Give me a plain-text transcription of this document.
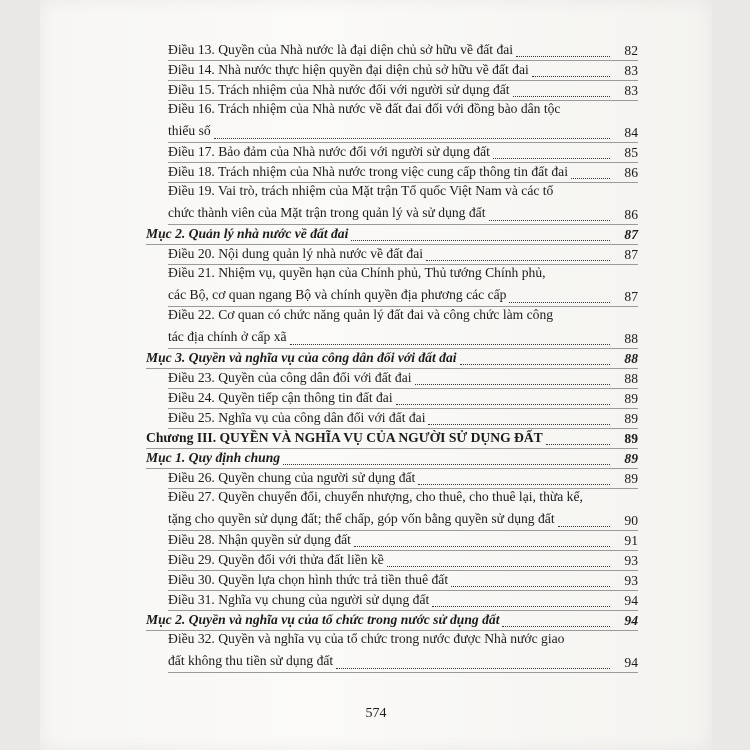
Điều 13. Quyền của Nhà nước là đại diện chủ sở hữu về đất đai	82
Điều 14. Nhà nước thực hiện quyền đại diện chủ sở hữu về đất đai	83
Điều 15. Trách nhiệm của Nhà nước đối với người sử dụng đất	83
Điều 16. Trách nhiệm của Nhà nước về đất đai đối với đồng bào dân tộc
thiểu số	84
Điều 17. Bảo đảm của Nhà nước đối với người sử dụng đất	85
Điều 18. Trách nhiệm của Nhà nước trong việc cung cấp thông tin đất đai	86
Điều 19. Vai trò, trách nhiệm của Mặt trận Tổ quốc Việt Nam và các tổ
chức thành viên của Mặt trận trong quản lý và sử dụng đất	86
Mục 2. Quản lý nhà nước về đất đai	87
Điều 20. Nội dung quản lý nhà nước về đất đai	87
Điều 21. Nhiệm vụ, quyền hạn của Chính phủ, Thủ tướng Chính phủ,
các Bộ, cơ quan ngang Bộ và chính quyền địa phương các cấp	87
Điều 22. Cơ quan có chức năng quản lý đất đai và công chức làm công
tác địa chính ở cấp xã	88
Mục 3. Quyền và nghĩa vụ của công dân đối với đất đai	88
Điều 23. Quyền của công dân đối với đất đai	88
Điều 24. Quyền tiếp cận thông tin đất đai	89
Điều 25. Nghĩa vụ của công dân đối với đất đai	89
Chương III. QUYỀN VÀ NGHĨA VỤ CỦA NGƯỜI SỬ DỤNG ĐẤT	89
Mục 1. Quy định chung	89
Điều 26. Quyền chung của người sử dụng đất	89
Điều 27. Quyền chuyển đổi, chuyển nhượng, cho thuê, cho thuê lại, thừa kế,
tặng cho quyền sử dụng đất; thế chấp, góp vốn bằng quyền sử dụng đất	90
Điều 28. Nhận quyền sử dụng đất	91
Điều 29. Quyền đối với thửa đất liền kề	93
Điều 30. Quyền lựa chọn hình thức trả tiền thuê đất	93
Điều 31. Nghĩa vụ chung của người sử dụng đất	94
Mục 2. Quyền và nghĩa vụ của tổ chức trong nước sử dụng đất	94
Điều 32. Quyền và nghĩa vụ của tổ chức trong nước được Nhà nước giao
đất không thu tiền sử dụng đất	94
574
